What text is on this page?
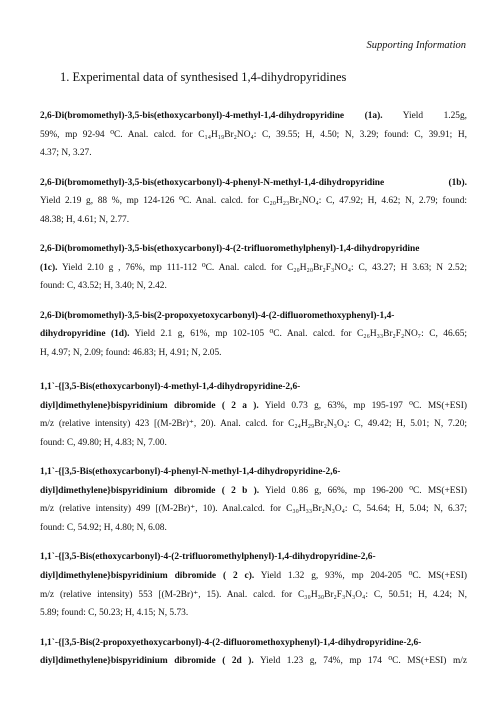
Supporting Information
1. Experimental data of synthesised 1,4-dihydropyridines

2,6-Di(bromomethyl)-3,5-bis(ethoxycarbonyl)-4-methyl-1,4-dihydropyridine (1a). Yield 1.25g,
59%, mp 92-94 ⁰C. Anal. calcd. for C₁₄H₁₉Br₂NO₄: C, 39.55; H, 4.50; N, 3.29; found: C, 39.91; H,
4.37; N, 3.27.

2,6-Di(bromomethyl)-3,5-bis(ethoxycarbonyl)-4-phenyl-N-methyl-1,4-dihydropyridine (1b).
Yield 2.19 g, 88 %, mp 124-126 ⁰C. Anal. calcd. for C₂₀H₂₃Br₂NO₄: C, 47.92; H, 4.62; N, 2.79; found:
48.38; H, 4.61; N, 2.77.

2,6-Di(bromomethyl)-3,5-bis(ethoxycarbonyl)-4-(2-trifluoromethylphenyl)-1,4-dihydropyridine
(1c). Yield 2.10 g , 76%, mp 111-112 ⁰C. Anal. calcd. for C₂₀H₂₀Br₂F₃NO₄: C, 43.27; H 3.63; N 2.52;
found: C, 43.52; H, 3.40; N, 2.42.

2,6-Di(bromomethyl)-3,5-bis(2-propoxyetoxycarbonyl)-4-(2-difluoromethoxyphenyl)-1,4-
dihydropyridine (1d). Yield 2.1 g, 61%, mp 102-105 ⁰C. Anal. calcd. for C₂₆H₃₃Br₂F₂NO₇: C, 46.65;
H, 4.97; N, 2.09; found: 46.83; H, 4.91; N, 2.05.

1,1`-{[3,5-Bis(ethoxycarbonyl)-4-methyl-1,4-dihydropyridine-2,6-
diyl]dimethylene}bispyridinium dibromide ( 2 a ). Yield 0.73 g, 63%, mp 195-197 ⁰C. MS(+ESI)
m/z (relative intensity) 423 [(M-2Br)⁺, 20). Anal. calcd. for C₂₄H₂₉Br₂N₃O₄: C, 49.42; H, 5.01; N, 7.20;
found: C, 49.80; H, 4.83; N, 7.00.

1,1`-{[3,5-Bis(ethoxycarbonyl)-4-phenyl-N-methyl-1,4-dihydropyridine-2,6-
diyl]dimethylene}bispyridinium dibromide ( 2 b ). Yield 0.86 g, 66%, mp 196-200 ⁰C. MS(+ESI)
m/z (relative intensity) 499 [(M-2Br)⁺, 10). Anal.calcd. for C₃₀H₃₃Br₂N₃O₄: C, 54.64; H, 5.04; N, 6.37;
found: C, 54.92; H, 4.80; N, 6.08.

1,1`-{[3,5-Bis(ethoxycarbonyl)-4-(2-trifluoromethylphenyl)-1,4-dihydropyridine-2,6-
diyl]dimethylene}bispyridinium dibromide ( 2 c). Yield 1.32 g, 93%, mp 204-205 ⁰C. MS(+ESI)
m/z (relative intensity) 553 [(M-2Br)⁺, 15). Anal. calcd. for C₃₀H₃₀Br₂F₃N₃O₄: C, 50.51; H, 4.24; N,
5.89; found: C, 50.23; H, 4.15; N, 5.73.

1,1`-{[3,5-Bis(2-propoxyethoxycarbonyl)-4-(2-difluoromethoxyphenyl)-1,4-dihydropyridine-2,6-
diyl]dimethylene}bispyridinium dibromide ( 2d ). Yield 1.23 g, 74%, mp 174 ⁰C. MS(+ESI) m/z
